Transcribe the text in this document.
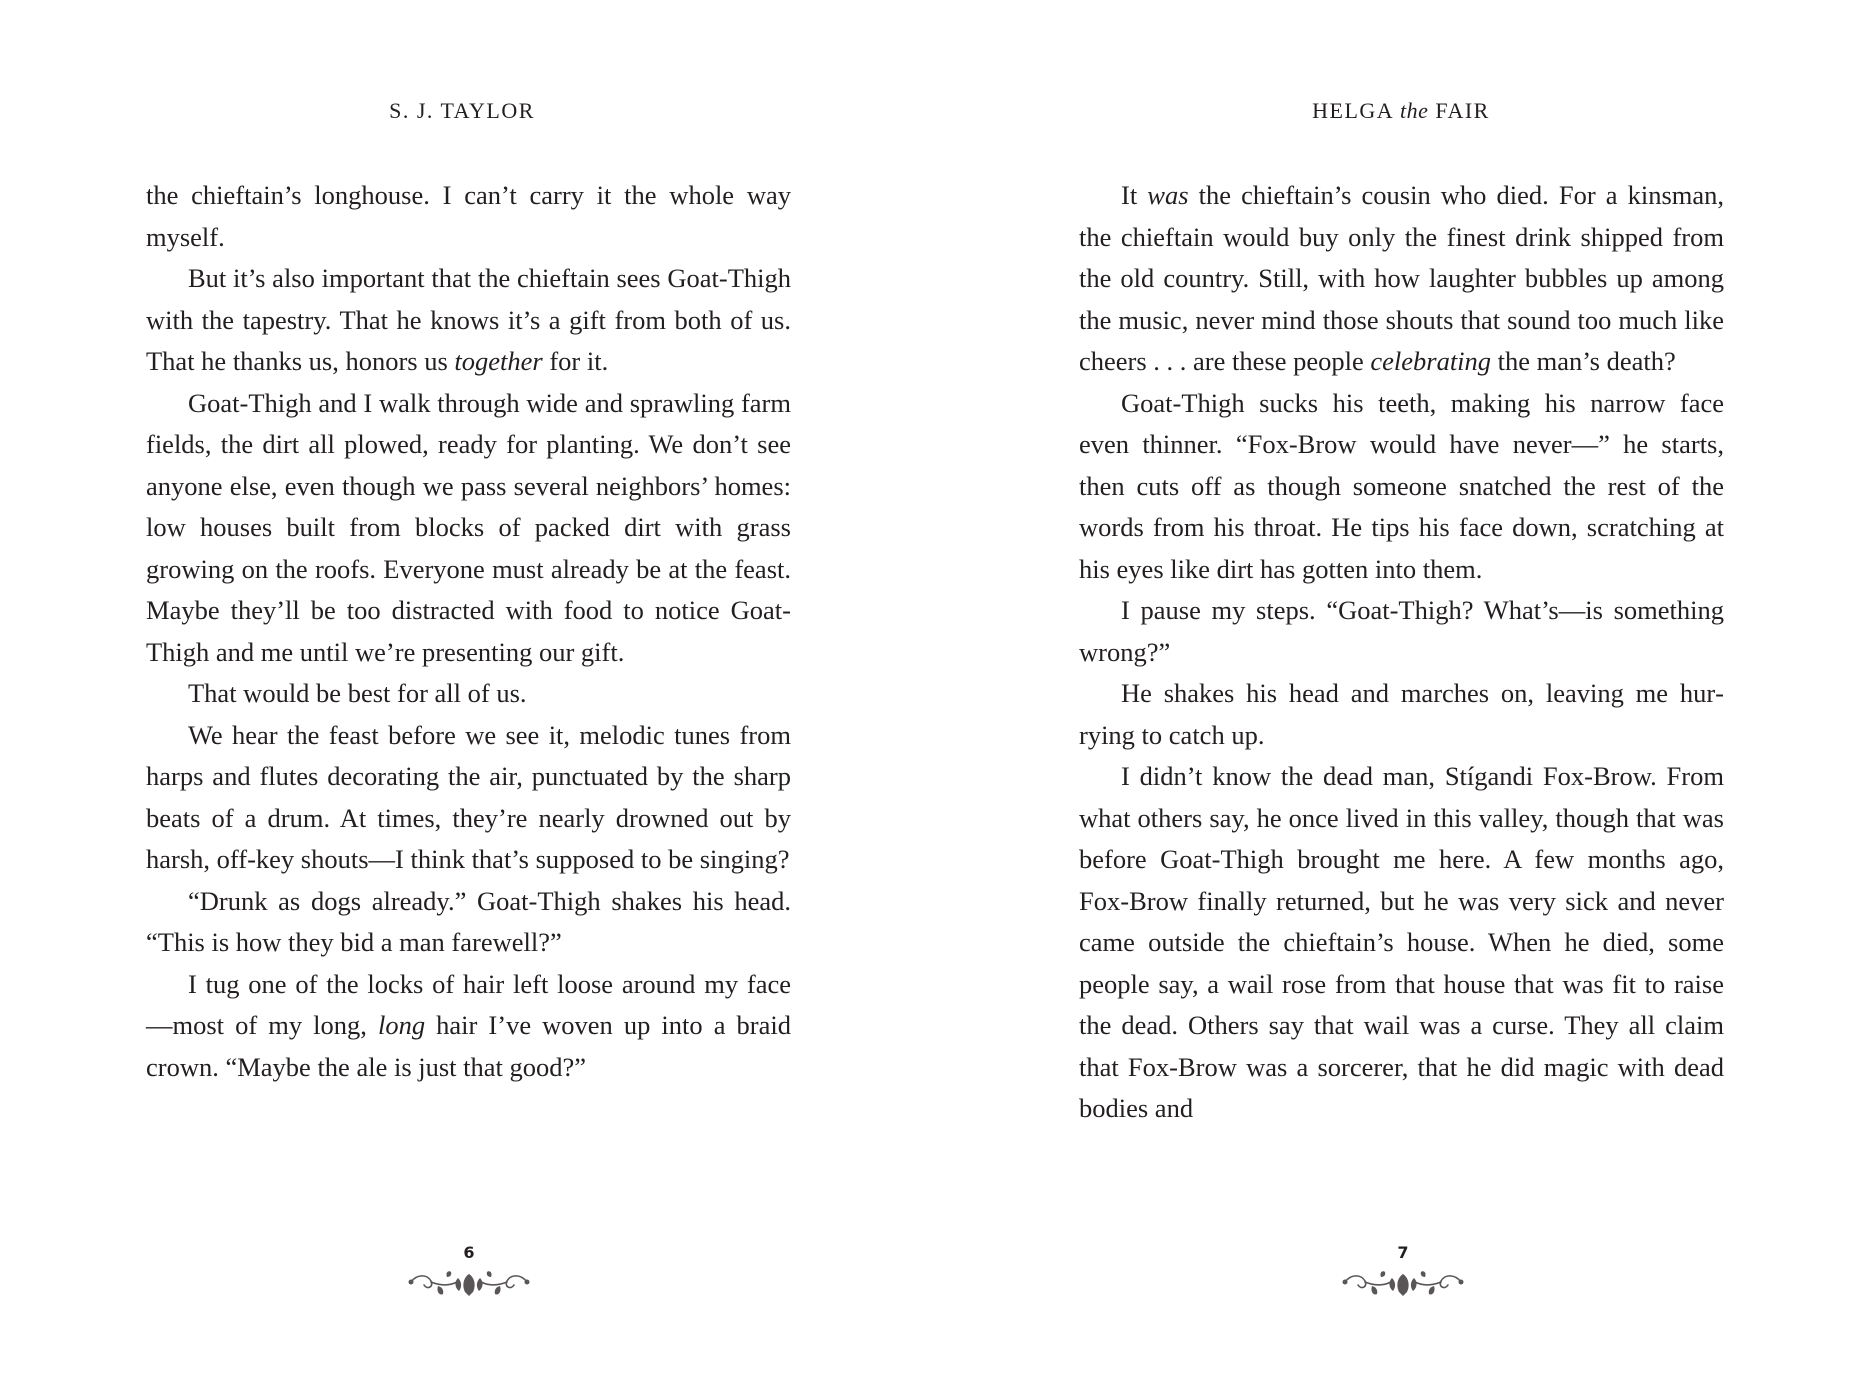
S. J. TAYLOR

the chieftain’s longhouse. I can’t carry it the whole way myself.

But it’s also important that the chieftain sees Goat-Thigh with the tapestry. That he knows it’s a gift from both of us. That he thanks us, honors us together for it.

Goat-Thigh and I walk through wide and sprawling farm fields, the dirt all plowed, ready for planting. We don’t see anyone else, even though we pass several neighbors’ homes: low houses built from blocks of packed dirt with grass growing on the roofs. Everyone must already be at the feast. Maybe they’ll be too distracted with food to notice Goat-Thigh and me until we’re presenting our gift.

That would be best for all of us.

We hear the feast before we see it, melodic tunes from harps and flutes decorating the air, punctuated by the sharp beats of a drum. At times, they’re nearly drowned out by harsh, off-key shouts—I think that’s supposed to be singing?

“Drunk as dogs already.” Goat-Thigh shakes his head. “This is how they bid a man farewell?”

I tug one of the locks of hair left loose around my face—most of my long, long hair I’ve woven up into a braid crown. “Maybe the ale is just that good?”

6
HELGA the FAIR

It was the chieftain’s cousin who died. For a kinsman, the chieftain would buy only the finest drink shipped from the old country. Still, with how laughter bubbles up among the music, never mind those shouts that sound too much like cheers . . . are these people celebrating the man’s death?

Goat-Thigh sucks his teeth, making his narrow face even thinner. “Fox-Brow would have never—” he starts, then cuts off as though someone snatched the rest of the words from his throat. He tips his face down, scratching at his eyes like dirt has gotten into them.

I pause my steps. “Goat-Thigh? What’s—is something wrong?”

He shakes his head and marches on, leaving me hurrying to catch up.

I didn’t know the dead man, Stígandi Fox-Brow. From what others say, he once lived in this valley, though that was before Goat-Thigh brought me here. A few months ago, Fox-Brow finally returned, but he was very sick and never came outside the chieftain’s house. When he died, some people say, a wail rose from that house that was fit to raise the dead. Others say that wail was a curse. They all claim that Fox-Brow was a sorcerer, that he did magic with dead bodies and

7
